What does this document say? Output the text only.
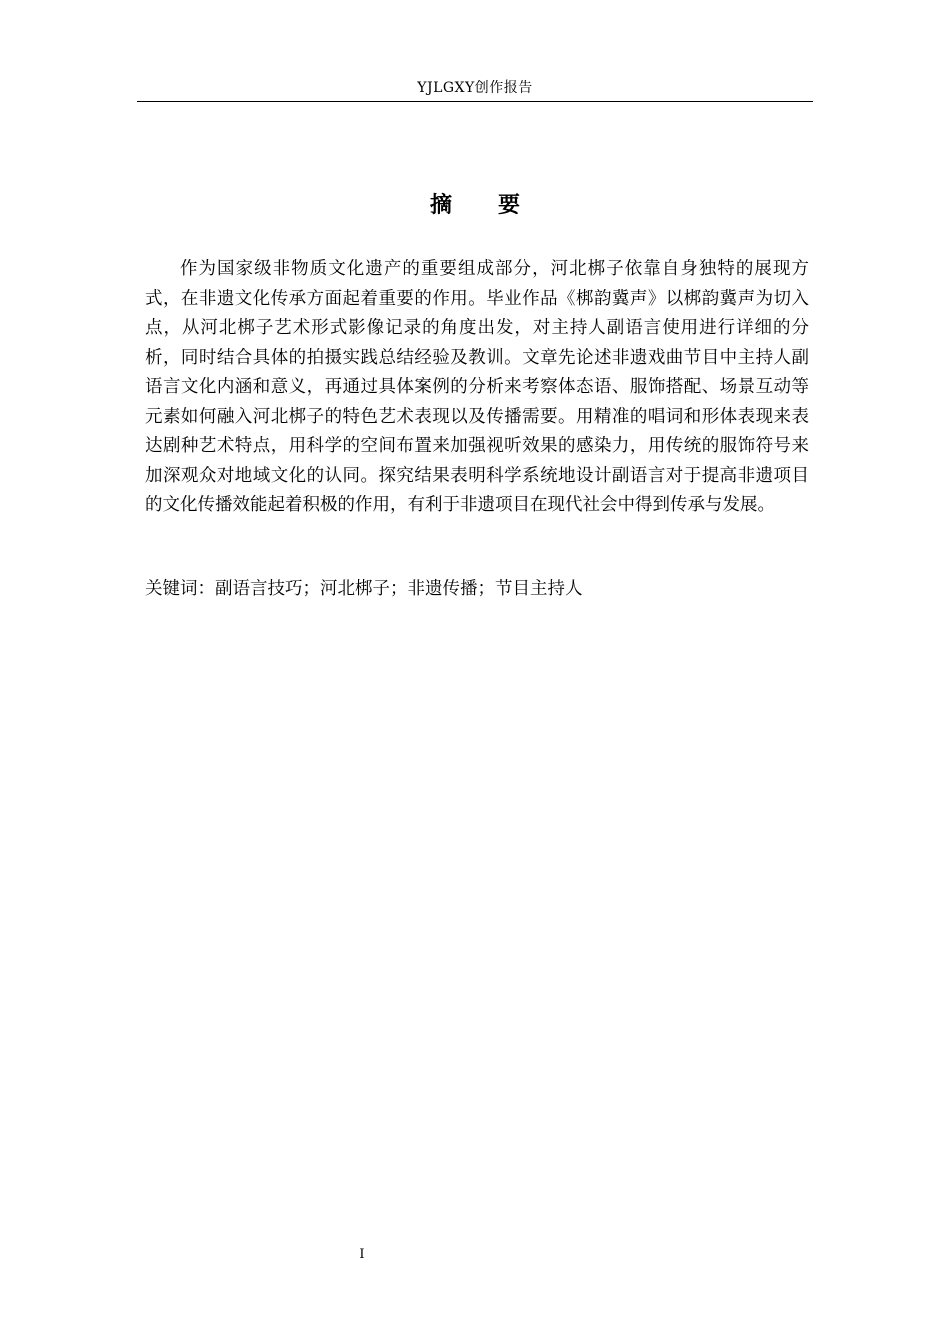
YJLGXY创作报告
摘 要

作为国家级非物质文化遗产的重要组成部分，河北梆子依靠自身独特的展现方式，在非遗文化传承方面起着重要的作用。毕业作品《梆韵冀声》以梆韵冀声为切入点，从河北梆子艺术形式影像记录的角度出发，对主持人副语言使用进行详细的分析，同时结合具体的拍摄实践总结经验及教训。文章先论述非遗戏曲节目中主持人副语言文化内涵和意义，再通过具体案例的分析来考察体态语、服饰搭配、场景互动等元素如何融入河北梆子的特色艺术表现以及传播需要。用精准的唱词和形体表现来表达剧种艺术特点，用科学的空间布置来加强视听效果的感染力，用传统的服饰符号来加深观众对地域文化的认同。探究结果表明科学系统地设计副语言对于提高非遗项目的文化传播效能起着积极的作用，有利于非遗项目在现代社会中得到传承与发展。

关键词：副语言技巧；河北梆子；非遗传播；节目主持人

I
